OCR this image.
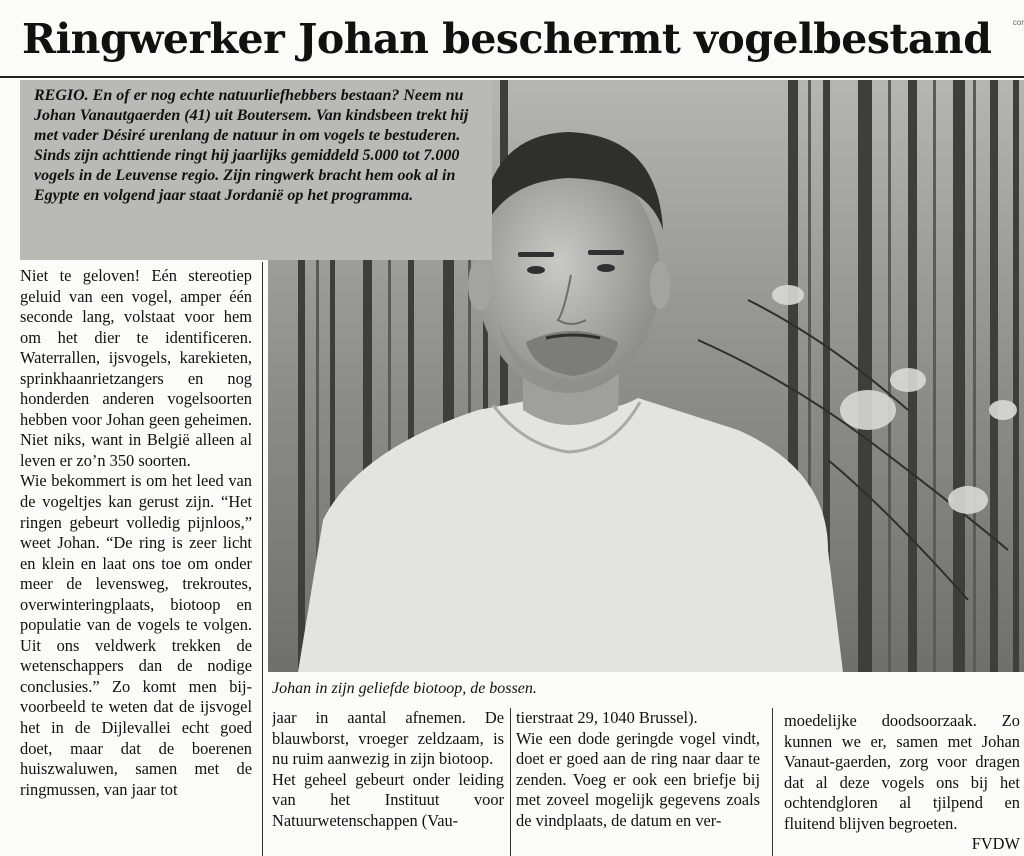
Ringwerker Johan beschermt vogelbestand	cor
REGIO. En of er nog echte natuurliefhebbers bestaan? Neem nu Johan Vanautgaerden (41) uit Boutersem. Van kindsbeen trekt hij met vader Désiré urenlang de natuur in om vogels te bestuderen. Sinds zijn achttiende ringt hij jaarlijks gemiddeld 5.000 tot 7.000 vogels in de Leuvense regio. Zijn ringwerk bracht hem ook al in Egypte en volgend jaar staat Jordanië op het programma.
Johan in zijn geliefde biotoop, de bossen.

Niet te geloven! Eén stereotiep geluid van een vogel, amper één seconde lang, volstaat voor hem om het dier te identificeren. Waterrallen, ijsvogels, karekieten, sprinkhaanrietzangers en nog honderden anderen vogelsoorten hebben voor Johan geen geheimen. Niet niks, want in België alleen al leven er zo’n 350 soorten.

Wie bekommert is om het leed van de vogeltjes kan gerust zijn. “Het ringen gebeurt volledig pijnloos,” weet Johan. “De ring is zeer licht en klein en laat ons toe om onder meer de levensweg, trekroutes, overwinteringplaats, biotoop en populatie van de vogels te volgen. Uit ons veldwerk trekken de wetenschappers dan de nodige conclusies.” Zo komt men bijvoorbeeld te weten dat de ijsvogel het in de Dijlevallei echt goed doet, maar dat de boerenen huiszwaluwen, samen met de ringmussen, van jaar tot

jaar in aantal afnemen. De blauwborst, vroeger zeldzaam, is nu ruim aanwezig in zijn biotoop.

Het geheel gebeurt onder leiding van het Instituut voor Natuurwetenschappen (Vau-

tierstraat 29, 1040 Brussel).

Wie een dode geringde vogel vindt, doet er goed aan de ring naar daar te zenden. Voeg er ook een briefje bij met zoveel mogelijk gegevens zoals de vindplaats, de datum en ver-

moedelijke doodsoorzaak. Zo kunnen we er, samen met Johan Vanaut-gaerden, zorg voor dragen dat al deze vogels ons bij het ochtendgloren al tjilpend en fluitend blijven begroeten.

FVDW
